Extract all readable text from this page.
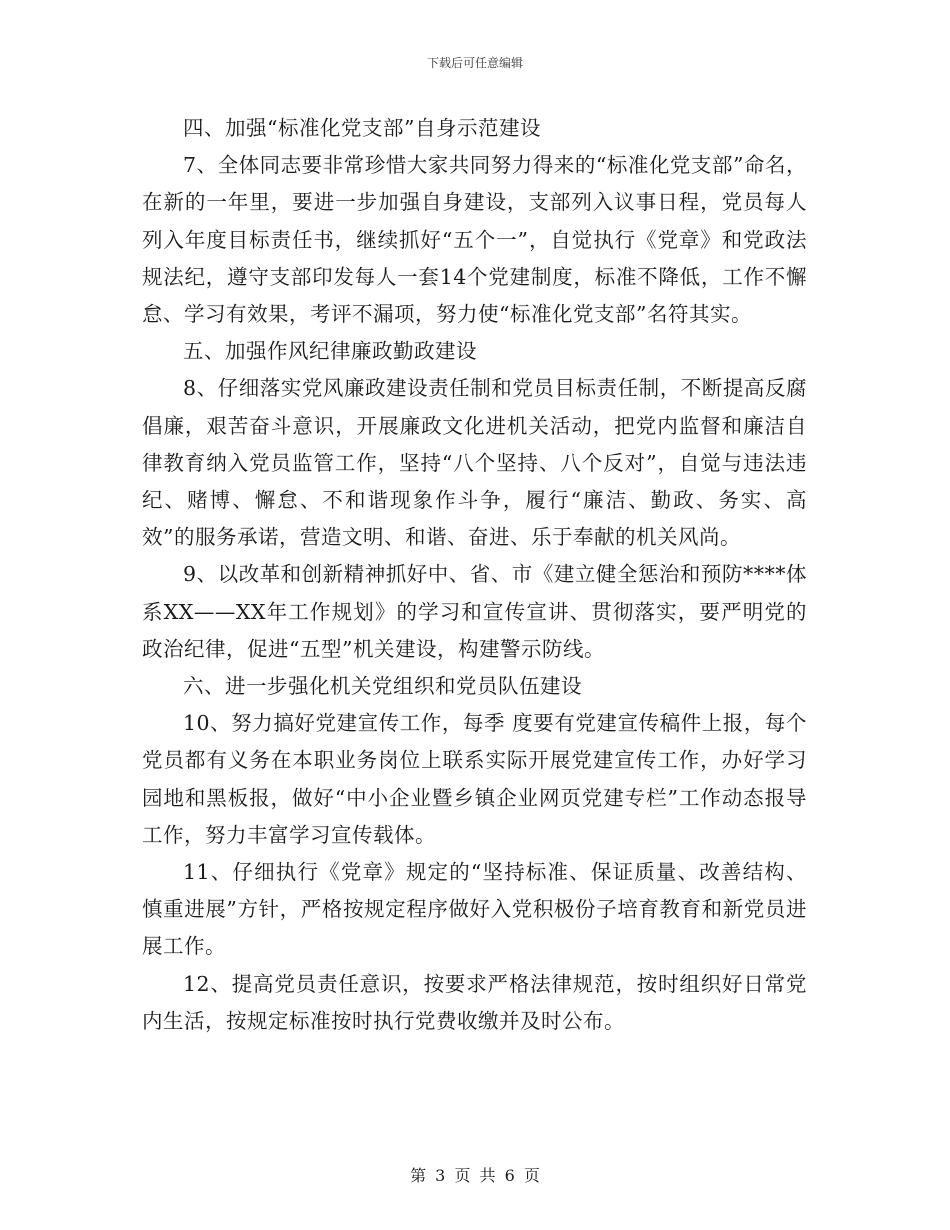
下载后可任意编辑

四、加强“标准化党支部”自身示范建设

7、全体同志要非常珍惜大家共同努力得来的“标准化党支部”命名，在新的一年里，要进一步加强自身建设，支部列入议事日程，党员每人列入年度目标责任书，继续抓好“五个一”，自觉执行《党章》和党政法规法纪，遵守支部印发每人一套14个党建制度，标准不降低，工作不懈怠、学习有效果，考评不漏项，努力使“标准化党支部”名符其实。

五、加强作风纪律廉政勤政建设

8、仔细落实党风廉政建设责任制和党员目标责任制，不断提高反腐倡廉，艰苦奋斗意识，开展廉政文化进机关活动，把党内监督和廉洁自律教育纳入党员监管工作，坚持“八个坚持、八个反对”，自觉与违法违纪、赌博、懈怠、不和谐现象作斗争，履行“廉洁、勤政、务实、高效”的服务承诺，营造文明、和谐、奋进、乐于奉献的机关风尚。

9、以改革和创新精神抓好中、省、市《建立健全惩治和预防****体系XX——XX年工作规划》的学习和宣传宣讲、贯彻落实，要严明党的政治纪律，促进“五型”机关建设，构建警示防线。

六、进一步强化机关党组织和党员队伍建设

10、努力搞好党建宣传工作，每季 度要有党建宣传稿件上报，每个党员都有义务在本职业务岗位上联系实际开展党建宣传工作，办好学习园地和黑板报，做好“中小企业暨乡镇企业网页党建专栏”工作动态报导工作，努力丰富学习宣传载体。

11、仔细执行《党章》规定的“坚持标准、保证质量、改善结构、慎重进展”方针，严格按规定程序做好入党积极份子培育教育和新党员进展工作。

12、提高党员责任意识，按要求严格法律规范，按时组织好日常党内生活，按规定标准按时执行党费收缴并及时公布。

第 3 页 共 6 页
